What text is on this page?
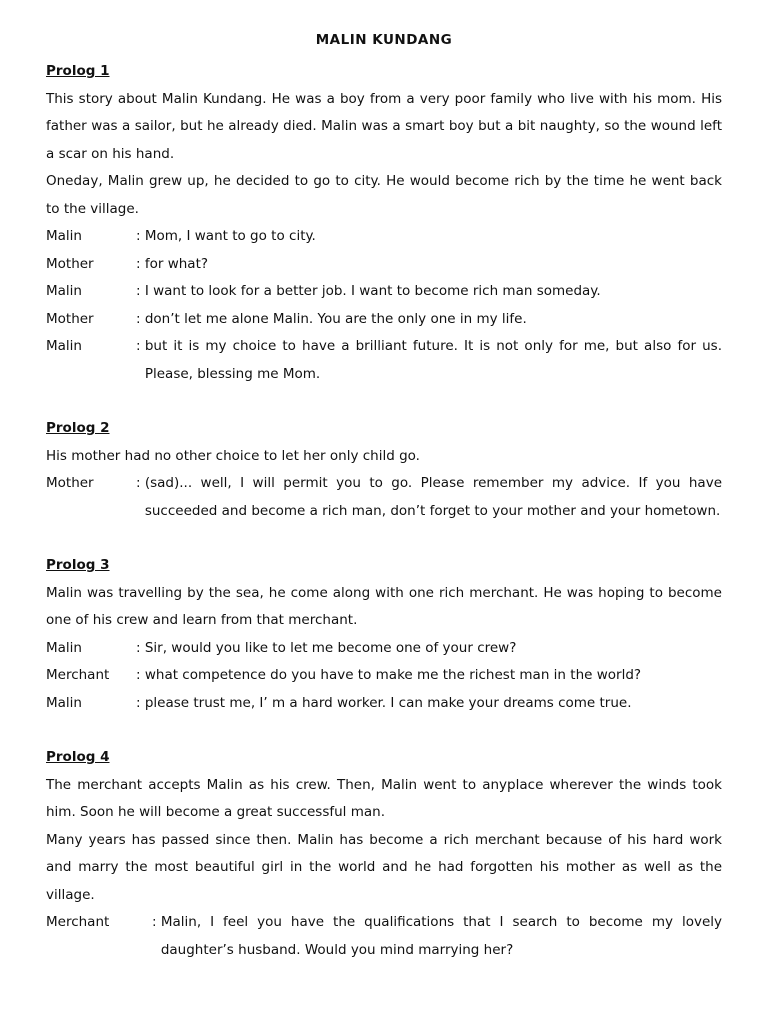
MALIN KUNDANG
Prolog 1

This story about Malin Kundang. He was a boy from a very poor family who live with his mom. His father was a sailor, but he already died. Malin was a smart boy but a bit naughty, so the wound left a scar on his hand.

Oneday, Malin grew up, he decided to go to city. He would become rich by the time he went back to the village.

Malin	: Mom, I want to go to city.
Mother	: for what?
Malin	: I want to look for a better job. I want to become rich man someday.
Mother	: don’t let me alone Malin. You are the only one in my life.
Malin	: but it is my choice to have a brilliant future. It is not only for me, but also for us. Please, blessing me Mom.
Prolog 2

His mother had no other choice to let her only child go.

Mother	: (sad)... well, I will permit you to go. Please remember my advice. If you have succeeded and become a rich man, don’t forget to your mother and your hometown.
Prolog 3

Malin was travelling by the sea, he come along with one rich merchant. He was hoping to become one of his crew and learn from that merchant.

Malin	: Sir, would you like to let me become one of your crew?
Merchant	: what competence do you have to make me the richest man in the world?
Malin	: please trust me, I’ m a hard worker. I can make your dreams come true.
Prolog 4

The merchant accepts Malin as his crew. Then, Malin went to anyplace wherever the winds took him. Soon he will become a great successful man.

Many years has passed since then. Malin has become a rich merchant because of his hard work and marry the most beautiful girl in the world and he had forgotten his mother as well as the village.

Merchant	: Malin, I feel you have the qualifications that I search to become my lovely daughter’s husband. Would you mind marrying her?
